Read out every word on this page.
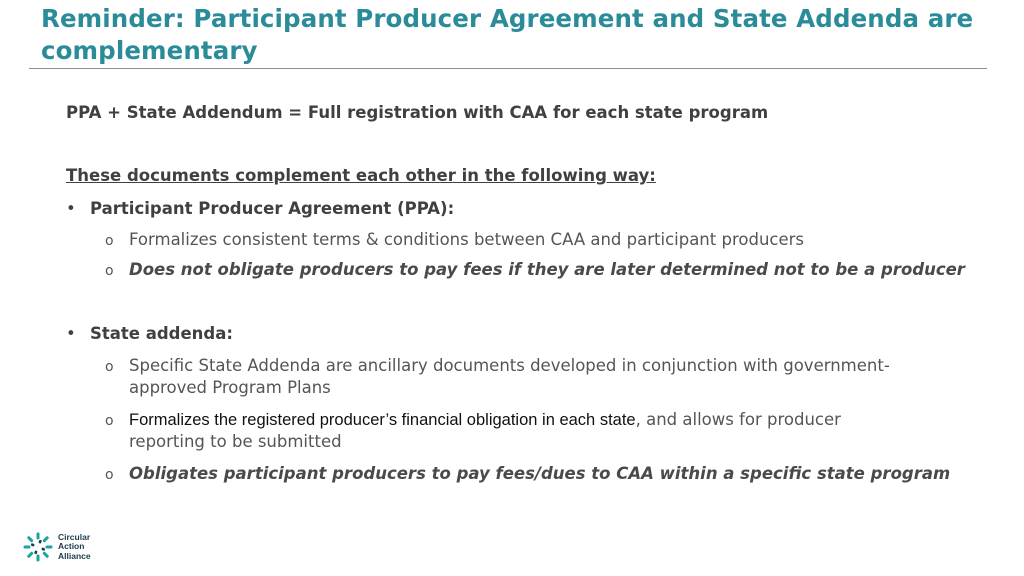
Reminder: Participant Producer Agreement and State Addenda are complementary

PPA + State Addendum = Full registration with CAA for each state program

These documents complement each other in the following way:

• Participant Producer Agreement (PPA):
o Formalizes consistent terms & conditions between CAA and participant producers
o Does not obligate producers to pay fees if they are later determined not to be a producer
• State addenda:
o Specific State Addenda are ancillary documents developed in conjunction with government-approved Program Plans
o Formalizes the registered producer’s financial obligation in each state, and allows for producer reporting to be submitted
o Obligates participant producers to pay fees/dues to CAA within a specific state program
Circular
Action
Alliance
